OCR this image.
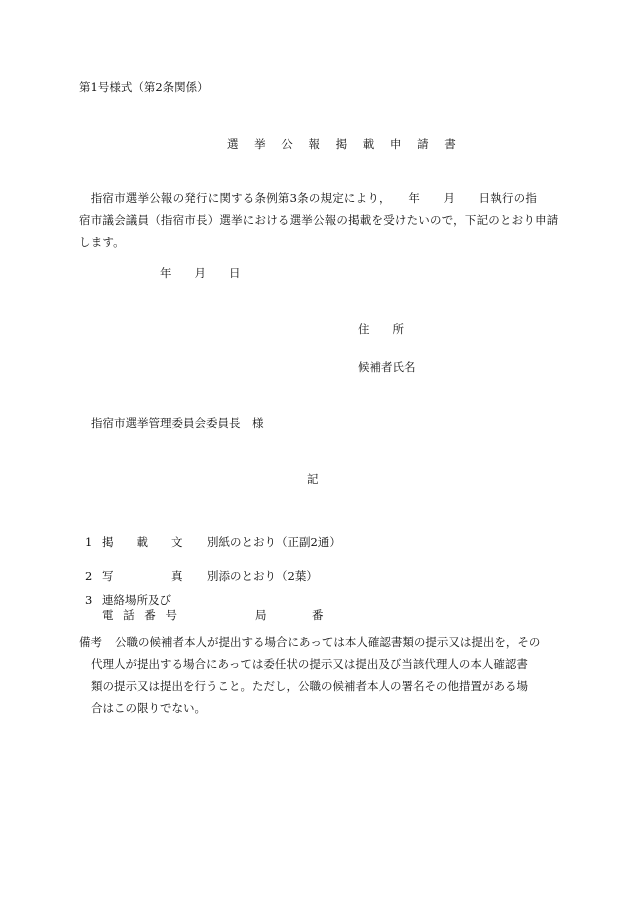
第1号様式（第2条関係）
選 挙 公 報 掲 載 申 請 書
　指宿市選挙公報の発行に関する条例第3条の規定により，　　年　　月　　日執行の指
宿市議会議員（指宿市長）選挙における選挙公報の掲載を受けたいので，下記のとおり申請
します。
年　　月　　日
住　　所
候補者氏名
指宿市選挙管理委員会委員長　様
記
1 掲　　載　　文 別紙のとおり（正副2通）
2 写　　　　　真 別添のとおり（2葉）
3 連絡場所及び
電 話 番 号	局	番
備考 公職の候補者本人が提出する場合にあっては本人確認書類の提示又は提出を，その
代理人が提出する場合にあっては委任状の提示又は提出及び当該代理人の本人確認書
類の提示又は提出を行うこと。ただし，公職の候補者本人の署名その他措置がある場
合はこの限りでない。
